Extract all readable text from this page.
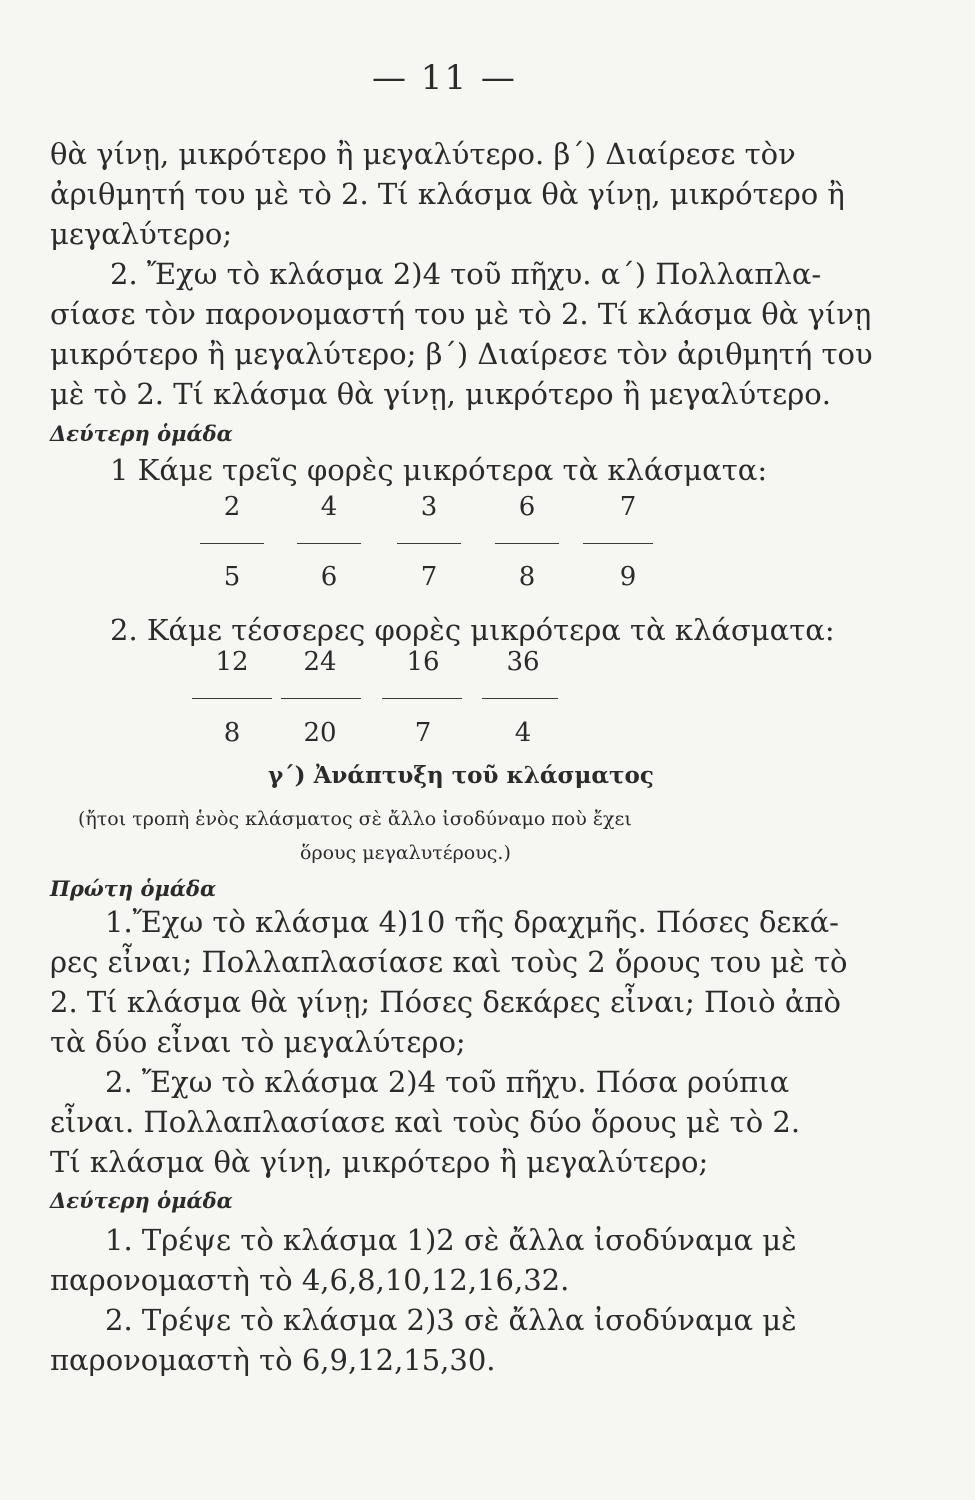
— 11 —
θὰ γίνῃ, μικρότερο ἢ μεγαλύτερο. β΄) Διαίρεσε τὸν
ἀριθμητή του μὲ τὸ 2. Τί κλάσμα θὰ γίνῃ, μικρότερο ἢ
μεγαλύτερο;
2. Ἔχω τὸ κλάσμα 2)4 τοῦ πῆχυ. α΄) Πολλαπλα-
σίασε τὸν παρονομαστή του μὲ τὸ 2. Τί κλάσμα θὰ γίνῃ
μικρότερο ἢ μεγαλύτερο; β΄) Διαίρεσε τὸν ἀριθμητή του
μὲ τὸ 2. Τί κλάσμα θὰ γίνῃ, μικρότερο ἢ μεγαλύτερο.
Δεύτερη ὁμάδα
1 Κάμε τρεῖς φορὲς μικρότερα τὰ κλάσματα:
2	4	3	6	7
5	6	7	8	9
2. Κάμε τέσσερες φορὲς μικρότερα τὰ κλάσματα:
12	24	16	36
8	20	7	4
γ΄) Ἀνάπτυξη τοῦ κλάσματος
(ἤτοι τροπὴ ἑνὸς κλάσματος σὲ ἄλλο ἰσοδύναμο ποὺ ἔχει
ὅρους μεγαλυτέρους.)
Πρώτη ὁμάδα
1.Ἔχω τὸ κλάσμα 4)10 τῆς δραχμῆς. Πόσες δεκά-
ρες εἶναι; Πολλαπλασίασε καὶ τοὺς 2 ὅρους του μὲ τὸ
2. Τί κλάσμα θὰ γίνῃ; Πόσες δεκάρες εἶναι; Ποιὸ ἀπὸ
τὰ δύο εἶναι τὸ μεγαλύτερο;
2. Ἔχω τὸ κλάσμα 2)4 τοῦ πῆχυ. Πόσα ρούπια
εἶναι. Πολλαπλασίασε καὶ τοὺς δύο ὅρους μὲ τὸ 2.
Τί κλάσμα θὰ γίνῃ, μικρότερο ἢ μεγαλύτερο;
Δεύτερη ὁμάδα
1. Τρέψε τὸ κλάσμα 1)2 σὲ ἄλλα ἰσοδύναμα μὲ
παρονομαστὴ τὸ 4,6,8,10,12,16,32.
2. Τρέψε τὸ κλάσμα 2)3 σὲ ἄλλα ἰσοδύναμα μὲ
παρονομαστὴ τὸ 6,9,12,15,30.
